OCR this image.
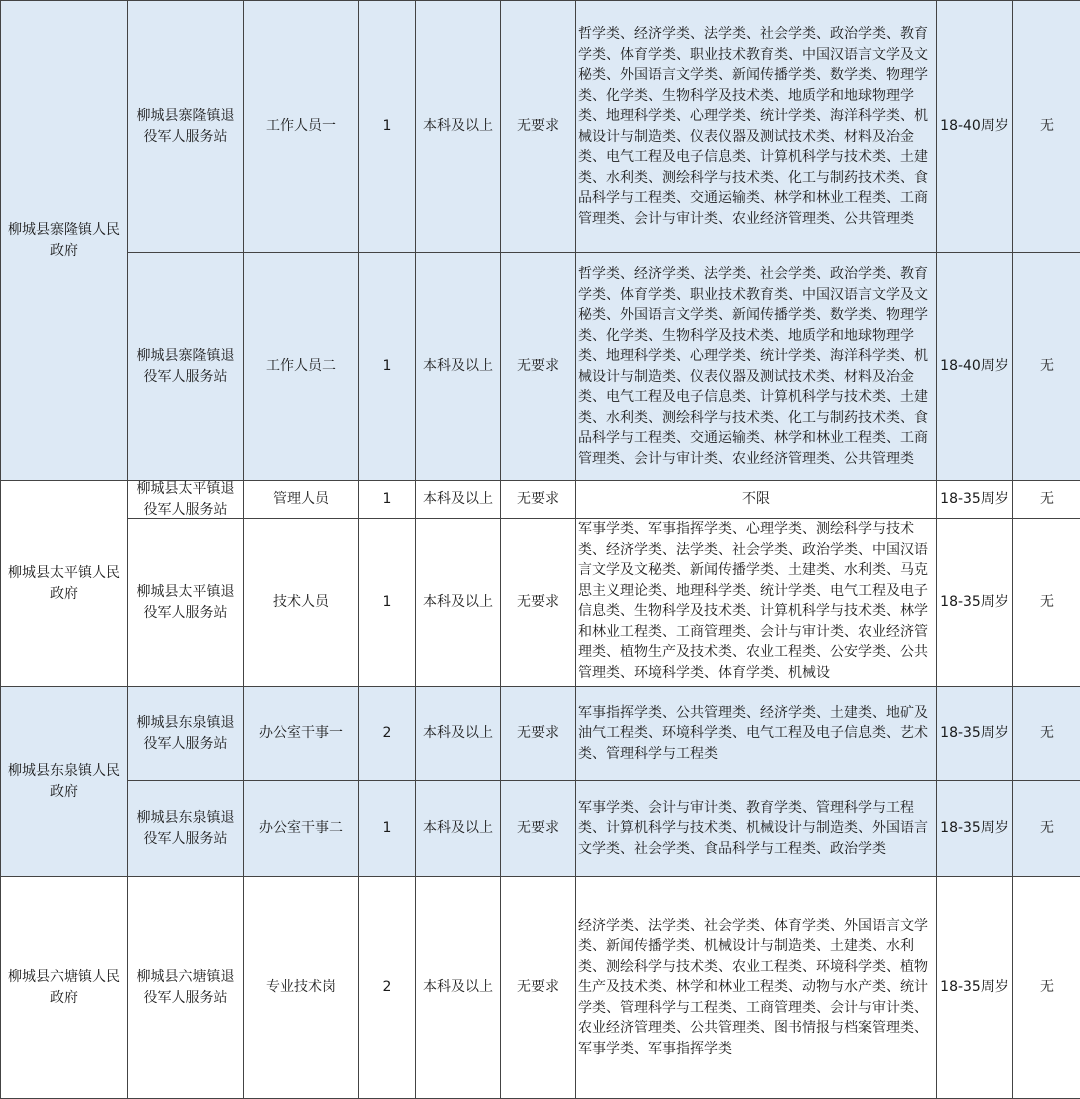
柳城县寨隆镇人民政府	柳城县寨隆镇退役军人服务站	工作人员一	1	本科及以上	无要求	哲学类、经济学类、法学类、社会学类、政治学类、教育学类、体育学类、职业技术教育类、中国汉语言文学及文秘类、外国语言文学类、新闻传播学类、数学类、物理学类、化学类、生物科学及技术类、地质学和地球物理学类、地理科学类、心理学类、统计学类、海洋科学类、机械设计与制造类、仪表仪器及测试技术类、材料及冶金类、电气工程及电子信息类、计算机科学与技术类、土建类、水利类、测绘科学与技术类、化工与制药技术类、食品科学与工程类、交通运输类、林学和林业工程类、工商管理类、会计与审计类、农业经济管理类、公共管理类	18-40周岁	无

	柳城县寨隆镇退役军人服务站	工作人员二	1	本科及以上	无要求	哲学类、经济学类、法学类、社会学类、政治学类、教育学类、体育学类、职业技术教育类、中国汉语言文学及文秘类、外国语言文学类、新闻传播学类、数学类、物理学类、化学类、生物科学及技术类、地质学和地球物理学类、地理科学类、心理学类、统计学类、海洋科学类、机械设计与制造类、仪表仪器及测试技术类、材料及冶金类、电气工程及电子信息类、计算机科学与技术类、土建类、水利类、测绘科学与技术类、化工与制药技术类、食品科学与工程类、交通运输类、林学和林业工程类、工商管理类、会计与审计类、农业经济管理类、公共管理类	18-40周岁	无

柳城县太平镇人民政府	柳城县太平镇退役军人服务站	管理人员	1	本科及以上	无要求	不限	18-35周岁	无

	柳城县太平镇退役军人服务站	技术人员	1	本科及以上	无要求	军事学类、军事指挥学类、心理学类、测绘科学与技术类、经济学类、法学类、社会学类、政治学类、中国汉语言文学及文秘类、新闻传播学类、土建类、水利类、马克思主义理论类、地理科学类、统计学类、电气工程及电子信息类、生物科学及技术类、计算机科学与技术类、林学和林业工程类、工商管理类、会计与审计类、农业经济管理类、植物生产及技术类、农业工程类、公安学类、公共管理类、环境科学类、体育学类、机械设	18-35周岁	无

柳城县东泉镇人民政府	柳城县东泉镇退役军人服务站	办公室干事一	2	本科及以上	无要求	军事指挥学类、公共管理类、经济学类、土建类、地矿及油气工程类、环境科学类、电气工程及电子信息类、艺术类、管理科学与工程类	18-35周岁	无

	柳城县东泉镇退役军人服务站	办公室干事二	1	本科及以上	无要求	军事学类、会计与审计类、教育学类、管理科学与工程类、计算机科学与技术类、机械设计与制造类、外国语言文学类、社会学类、食品科学与工程类、政治学类	18-35周岁	无

柳城县六塘镇人民政府	柳城县六塘镇退役军人服务站	专业技术岗	2	本科及以上	无要求	经济学类、法学类、社会学类、体育学类、外国语言文学类、新闻传播学类、机械设计与制造类、土建类、水利类、测绘科学与技术类、农业工程类、环境科学类、植物生产及技术类、林学和林业工程类、动物与水产类、统计学类、管理科学与工程类、工商管理类、会计与审计类、农业经济管理类、公共管理类、图书情报与档案管理类、军事学类、军事指挥学类	18-35周岁	无
